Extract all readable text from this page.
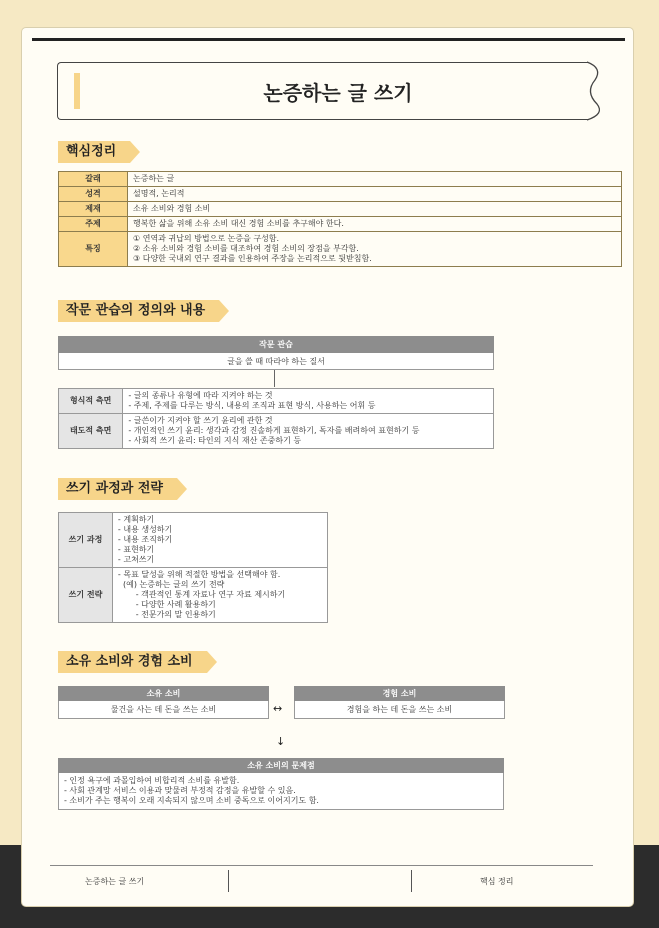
논증하는 글 쓰기
핵심정리
갈래	논증하는 글

성격	설명적, 논리적

제재	소유 소비와 경험 소비

주제	행복한 삶을 위해 소유 소비 대신 경험 소비를 추구해야 한다.

특징	① 연역과 귀납의 방법으로 논증을 구성함.
② 소유 소비와 경험 소비를 대조하여 경험 소비의 장점을 부각함.
③ 다양한 국내외 연구 결과를 인용하여 주장을 논리적으로 뒷받침함.
작문 관습의 정의와 내용
작문 관습
글을 쓸 때 따라야 하는 질서
형식적 측면	- 글의 종류나 유형에 따라 지켜야 하는 것
- 주제, 주제를 다루는 방식, 내용의 조직과 표현 방식, 사용하는 어휘 등

태도적 측면	- 글쓴이가 지켜야 할 쓰기 윤리에 관한 것
- 개인적인 쓰기 윤리: 생각과 감정 진솔하게 표현하기, 독자를 배려하여 표현하기 등
- 사회적 쓰기 윤리: 타인의 지식 재산 존중하기 등
쓰기 과정과 전략
쓰기 과정	- 계획하기
- 내용 생성하기
- 내용 조직하기
- 표현하기
- 고쳐쓰기

쓰기 전략	- 목표 달성을 위해 적절한 방법을 선택해야 함.
(예) 논증하는 글의 쓰기 전략
- 객관적인 통계 자료나 연구 자료 제시하기
- 다양한 사례 활용하기
- 전문가의 말 인용하기
소유 소비와 경험 소비
소유 소비
물건을 사는 데 돈을 쓰는 소비	↔
경험 소비
경험을 하는 데 돈을 쓰는 소비
↓
소유 소비의 문제점
- 인정 욕구에 과몰입하여 비합리적 소비를 유발함.
- 사회 관계망 서비스 이용과 맞물려 부정적 감정을 유발할 수 있음.
- 소비가 주는 행복이 오래 지속되지 않으며 소비 중독으로 이어지기도 함.
논증하는 글 쓰기	핵심 정리
